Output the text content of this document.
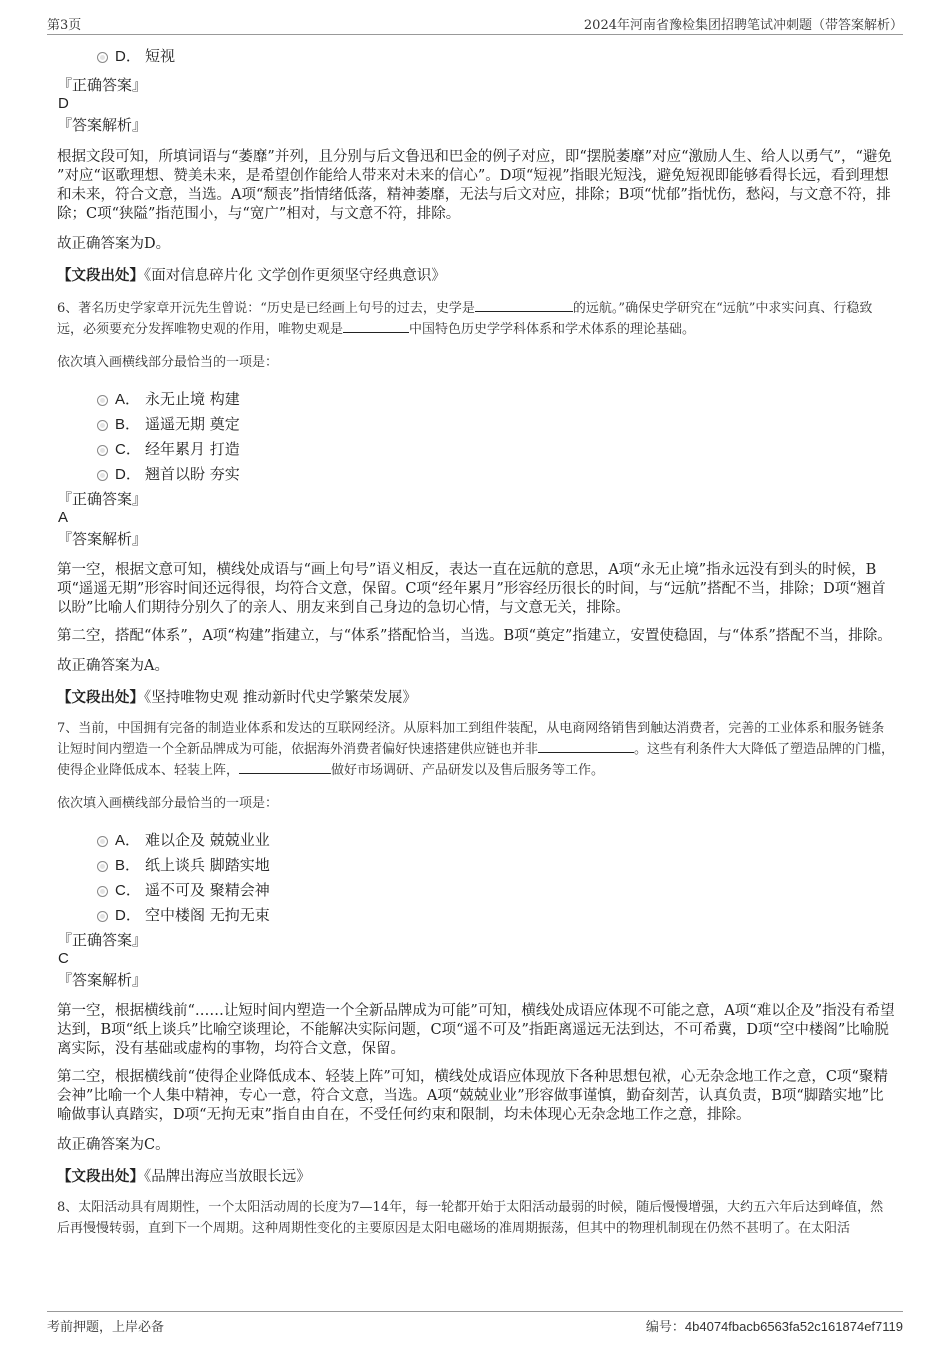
第3页	2024年河南省豫检集团招聘笔试冲刺题（带答案解析）
D． 短视
『正确答案』
D
『答案解析』

根据文段可知，所填词语与“萎靡”并列，且分别与后文鲁迅和巴金的例子对应，即“摆脱萎靡”对应“激励人生、给人以勇气”，“避免 ”对应“讴歌理想、赞美未来，是希望创作能给人带来对未来的信心”。D项“短视”指眼光短浅，避免短视即能够看得长远，看到理想和未来，符合文意，当选。A项“颓丧”指情绪低落，精神萎靡，无法与后文对应，排除；B项“忧郁”指忧伤，愁闷，与文意不符，排除；C项“狭隘”指范围小，与“宽广”相对，与文意不符，排除。

故正确答案为D。

【文段出处】《面对信息碎片化 文学创作更须坚守经典意识》

6、著名历史学家章开沅先生曾说：“历史是已经画上句号的过去，史学是	的远航。”确保史学研究在“远航”中求实问真、行稳致远，必须要充分发挥唯物史观的作用，唯物史观是	中国特色历史学学科体系和学术体系的理论基础。

依次填入画横线部分最恰当的一项是：

A． 永无止境 构建
B． 遥遥无期 奠定
C． 经年累月 打造
D． 翘首以盼 夯实
『正确答案』
A
『答案解析』

第一空，根据文意可知，横线处成语与“画上句号”语义相反，表达一直在远航的意思，A项“永无止境”指永远没有到头的时候，B项“遥遥无期”形容时间还远得很，均符合文意，保留。C项“经年累月”形容经历很长的时间，与“远航”搭配不当，排除；D项“翘首以盼”比喻人们期待分别久了的亲人、朋友来到自己身边的急切心情，与文意无关，排除。

第二空，搭配“体系”，A项“构建”指建立，与“体系”搭配恰当，当选。B项“奠定”指建立，安置使稳固，与“体系”搭配不当，排除。

故正确答案为A。

【文段出处】《坚持唯物史观 推动新时代史学繁荣发展》

7、当前，中国拥有完备的制造业体系和发达的互联网经济。从原料加工到组件装配，从电商网络销售到触达消费者，完善的工业体系和服务链条让短时间内塑造一个全新品牌成为可能，依据海外消费者偏好快速搭建供应链也并非	。这些有利条件大大降低了塑造品牌的门槛，使得企业降低成本、轻装上阵，	做好市场调研、产品研发以及售后服务等工作。

依次填入画横线部分最恰当的一项是：

A． 难以企及 兢兢业业
B． 纸上谈兵 脚踏实地
C． 遥不可及 聚精会神
D． 空中楼阁 无拘无束
『正确答案』
C
『答案解析』

第一空，根据横线前“……让短时间内塑造一个全新品牌成为可能”可知，横线处成语应体现不可能之意，A项“难以企及”指没有希望达到，B项“纸上谈兵”比喻空谈理论，不能解决实际问题，C项“遥不可及”指距离遥远无法到达，不可希冀，D项“空中楼阁”比喻脱离实际，没有基础或虚构的事物，均符合文意，保留。

第二空，根据横线前“使得企业降低成本、轻装上阵”可知，横线处成语应体现放下各种思想包袱，心无杂念地工作之意，C项“聚精会神”比喻一个人集中精神，专心一意，符合文意，当选。A项“兢兢业业”形容做事谨慎，勤奋刻苦，认真负责，B项“脚踏实地”比喻做事认真踏实，D项“无拘无束”指自由自在，不受任何约束和限制，均未体现心无杂念地工作之意，排除。

故正确答案为C。

【文段出处】《品牌出海应当放眼长远》

8、太阳活动具有周期性，一个太阳活动周的长度为7—14年，每一轮都开始于太阳活动最弱的时候，随后慢慢增强，大约五六年后达到峰值，然后再慢慢转弱，直到下一个周期。这种周期性变化的主要原因是太阳电磁场的准周期振荡，但其中的物理机制现在仍然不甚明了。在太阳活

考前押题，上岸必备	编号：4b4074fbacb6563fa52c161874ef7119
